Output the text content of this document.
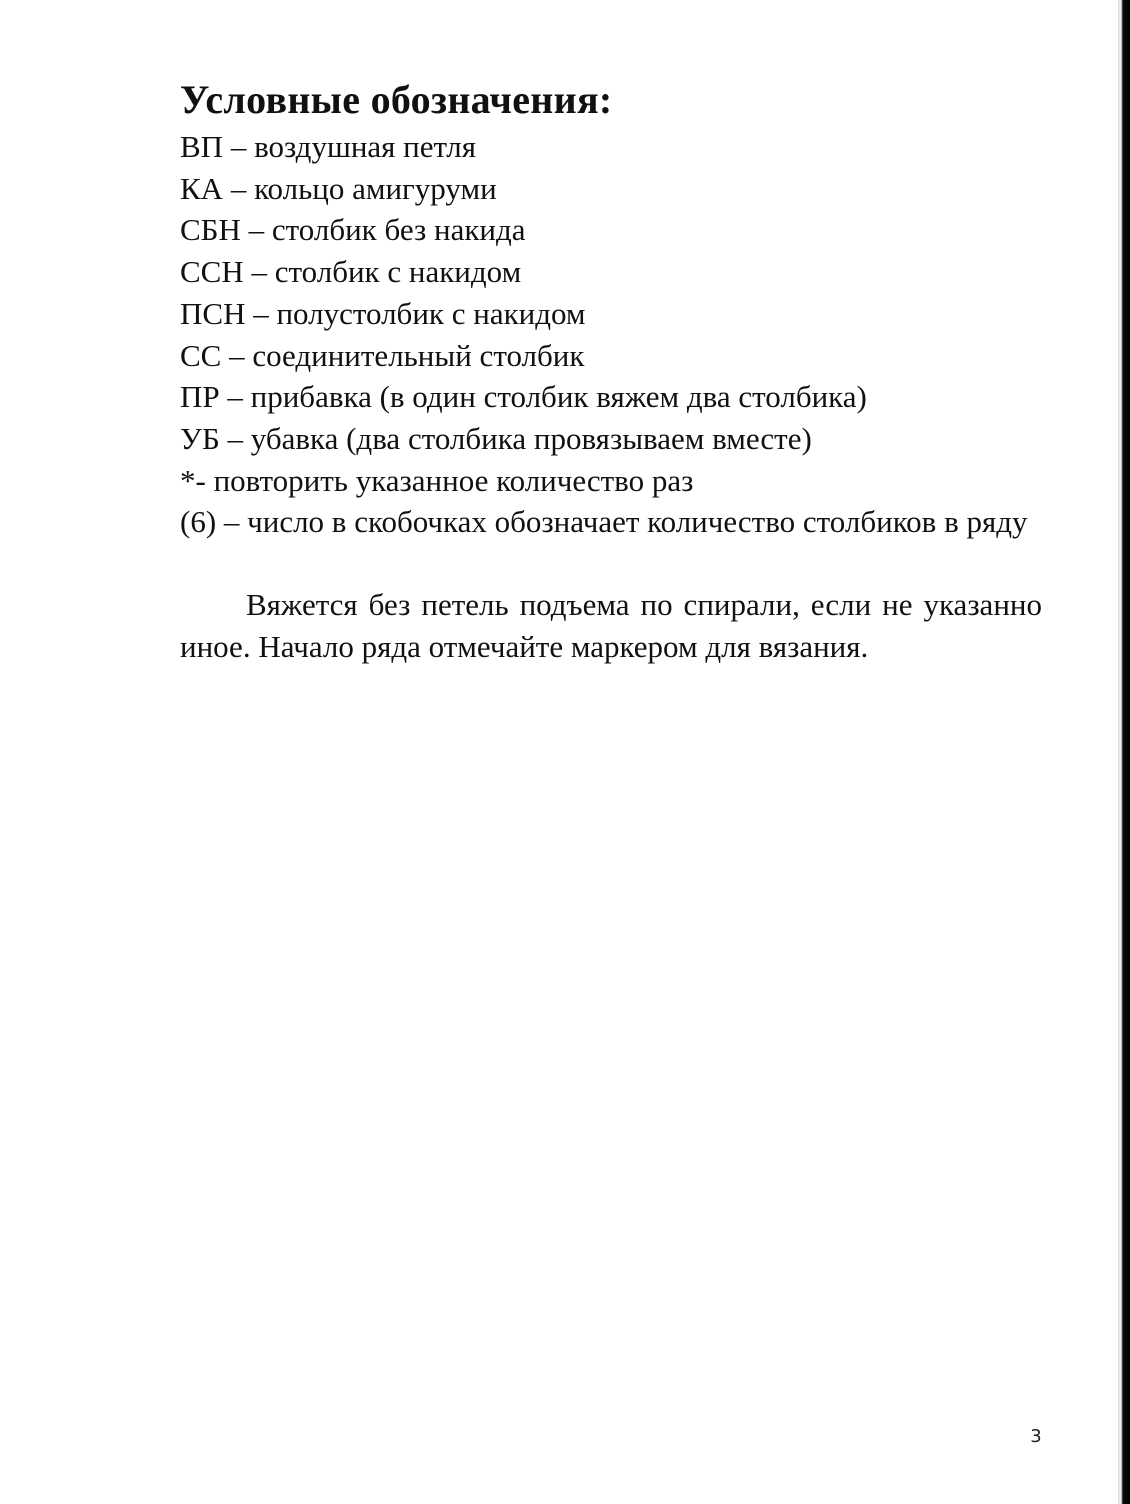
Условные обозначения:
ВП – воздушная петля
КА – кольцо амигуруми
СБН – столбик без накида
ССН – столбик с накидом
ПСН – полустолбик с накидом
СС – соединительный столбик
ПР – прибавка (в один столбик вяжем два столбика)
УБ – убавка (два столбика провязываем вместе)
*- повторить указанное количество раз
(6) – число в скобочках обозначает количество столбиков в ряду

Вяжется без петель подъема по спирали, если не указанно иное. Начало ряда отмечайте маркером для вязания.

3
